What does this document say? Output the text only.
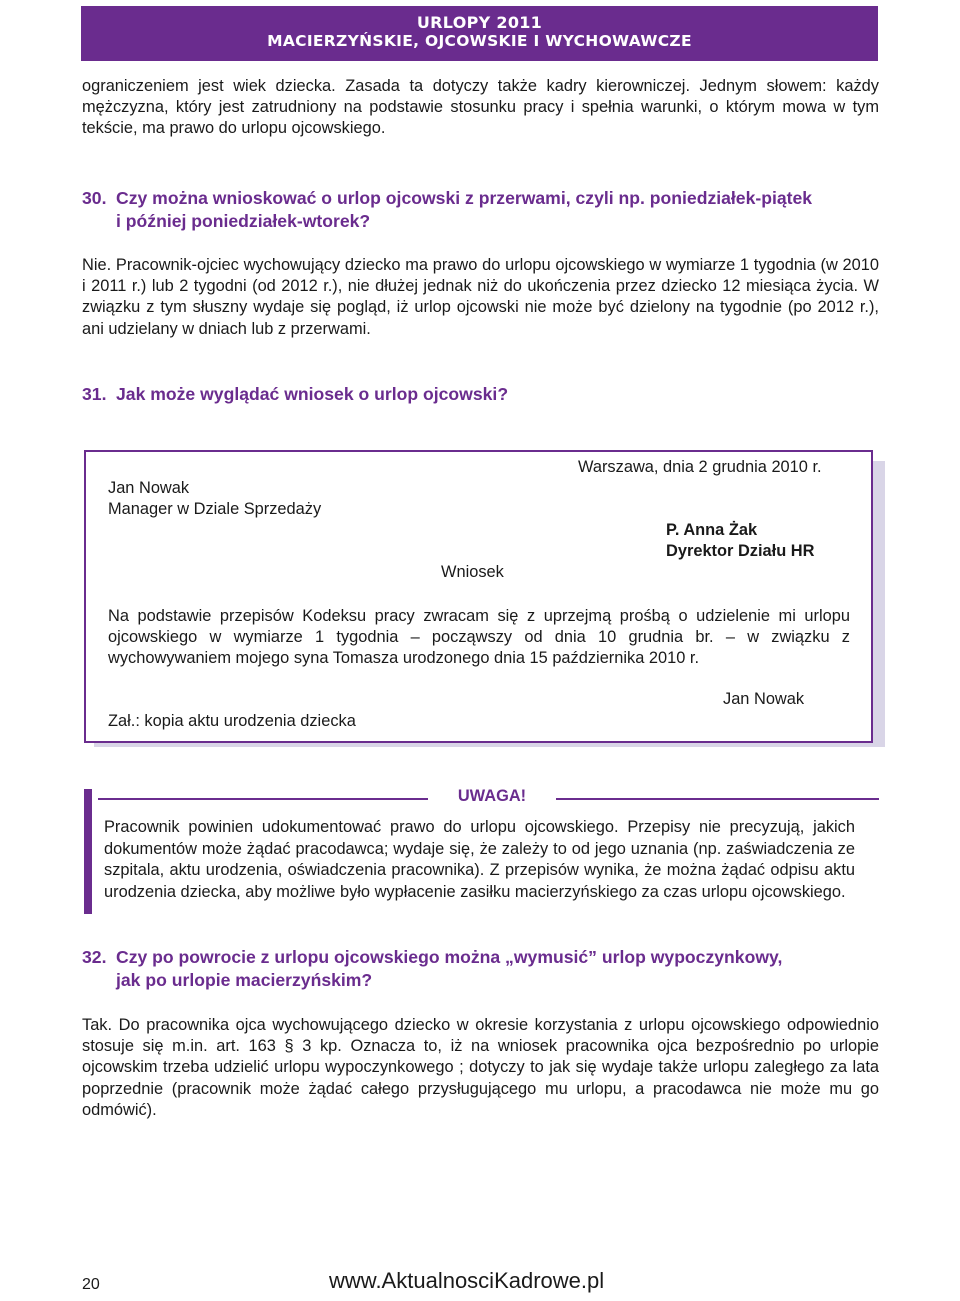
URLOPY 2011
MACIERZYŃSKIE, OJCOWSKIE I WYCHOWAWCZE
ograniczeniem jest wiek dziecka. Zasada ta dotyczy także kadry kierowniczej. Jednym słowem: każdy mężczyzna, który jest zatrudniony na podstawie stosunku pracy i spełnia warunki, o którym mowa w tym tekście, ma prawo do urlopu ojcowskiego.
30. Czy można wnioskować o urlop ojcowski z przerwami, czyli np. poniedziałek-piątek
i później poniedziałek-wtorek?
Nie. Pracownik-ojciec wychowujący dziecko ma prawo do urlopu ojcowskiego w wymiarze 1 tygodnia (w 2010 i 2011 r.) lub 2 tygodni (od 2012 r.), nie dłużej jednak niż do ukończenia przez dziecko 12 miesiąca życia. W związku z tym słuszny wydaje się pogląd, iż urlop ojcowski nie może być dzielony na tygodnie (po 2012 r.), ani udzielany w dniach lub z przerwami.
31. Jak może wyglądać wniosek o urlop ojcowski?
Warszawa, dnia 2 grudnia 2010 r.
Jan Nowak
Manager w Dziale Sprzedaży
P. Anna Żak
Dyrektor Działu HR
Wniosek
Na podstawie przepisów Kodeksu pracy zwracam się z uprzejmą prośbą o udzielenie mi urlopu ojcowskiego w wymiarze 1 tygodnia – począwszy od dnia 10 grudnia br. – w związku z wychowywaniem mojego syna Tomasza urodzonego dnia 15 października 2010 r.
Jan Nowak
Zał.: kopia aktu urodzenia dziecka
UWAGA!
Pracownik powinien udokumentować prawo do urlopu ojcowskiego. Przepisy nie precyzują, jakich dokumentów może żądać pracodawca; wydaje się, że zależy to od jego uznania (np. zaświadczenia ze szpitala, aktu urodzenia, oświadczenia pracownika). Z przepisów wynika, że można żądać odpisu aktu urodzenia dziecka, aby możliwe było wypłacenie zasiłku macierzyńskiego za czas urlopu ojcowskiego.
32. Czy po powrocie z urlopu ojcowskiego można „wymusić” urlop wypoczynkowy,
jak po urlopie macierzyńskim?
Tak. Do pracownika ojca wychowującego dziecko w okresie korzystania z urlopu ojcowskiego odpowiednio stosuje się m.in. art. 163 § 3 kp. Oznacza to, iż na wniosek pracownika ojca bezpośrednio po urlopie ojcowskim trzeba udzielić urlopu wypoczynkowego ; dotyczy to jak się wydaje także urlopu zaległego za lata poprzednie (pracownik może żądać całego przysługującego mu urlopu, a pracodawca nie może mu go odmówić).
20	www.AktualnosciKadrowe.pl
